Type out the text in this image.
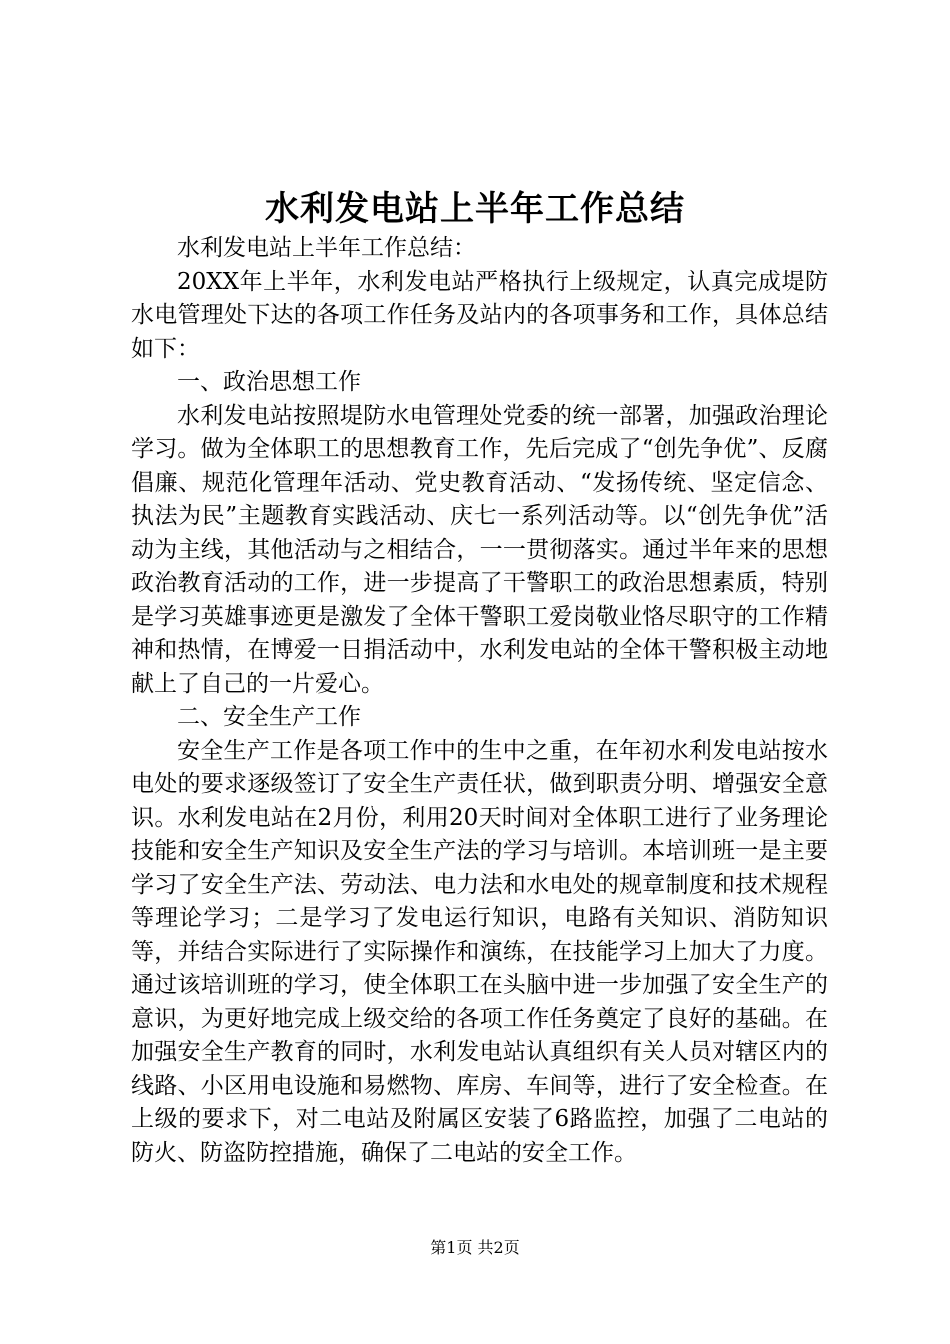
水利发电站上半年工作总结

水利发电站上半年工作总结：

20XX年上半年，水利发电站严格执行上级规定，认真完成堤防水电管理处下达的各项工作任务及站内的各项事务和工作，具体总结如下：

一、政治思想工作

水利发电站按照堤防水电管理处党委的统一部署，加强政治理论学习。做为全体职工的思想教育工作，先后完成了“创先争优”、反腐倡廉、规范化管理年活动、党史教育活动、“发扬传统、坚定信念、执法为民”主题教育实践活动、庆七一系列活动等。以“创先争优”活动为主线，其他活动与之相结合，一一贯彻落实。通过半年来的思想政治教育活动的工作，进一步提高了干警职工的政治思想素质，特别是学习英雄事迹更是激发了全体干警职工爱岗敬业恪尽职守的工作精神和热情，在博爱一日捐活动中，水利发电站的全体干警积极主动地献上了自己的一片爱心。

二、安全生产工作

安全生产工作是各项工作中的生中之重，在年初水利发电站按水电处的要求逐级签订了安全生产责任状，做到职责分明、增强安全意识。水利发电站在2月份，利用20天时间对全体职工进行了业务理论技能和安全生产知识及安全生产法的学习与培训。本培训班一是主要学习了安全生产法、劳动法、电力法和水电处的规章制度和技术规程等理论学习；二是学习了发电运行知识，电路有关知识、消防知识等，并结合实际进行了实际操作和演练，在技能学习上加大了力度。通过该培训班的学习，使全体职工在头脑中进一步加强了安全生产的意识，为更好地完成上级交给的各项工作任务奠定了良好的基础。在加强安全生产教育的同时，水利发电站认真组织有关人员对辖区内的线路、小区用电设施和易燃物、库房、车间等，进行了安全检查。在上级的要求下，对二电站及附属区安装了6路监控，加强了二电站的防火、防盗防控措施，确保了二电站的安全工作。

第1页 共2页
